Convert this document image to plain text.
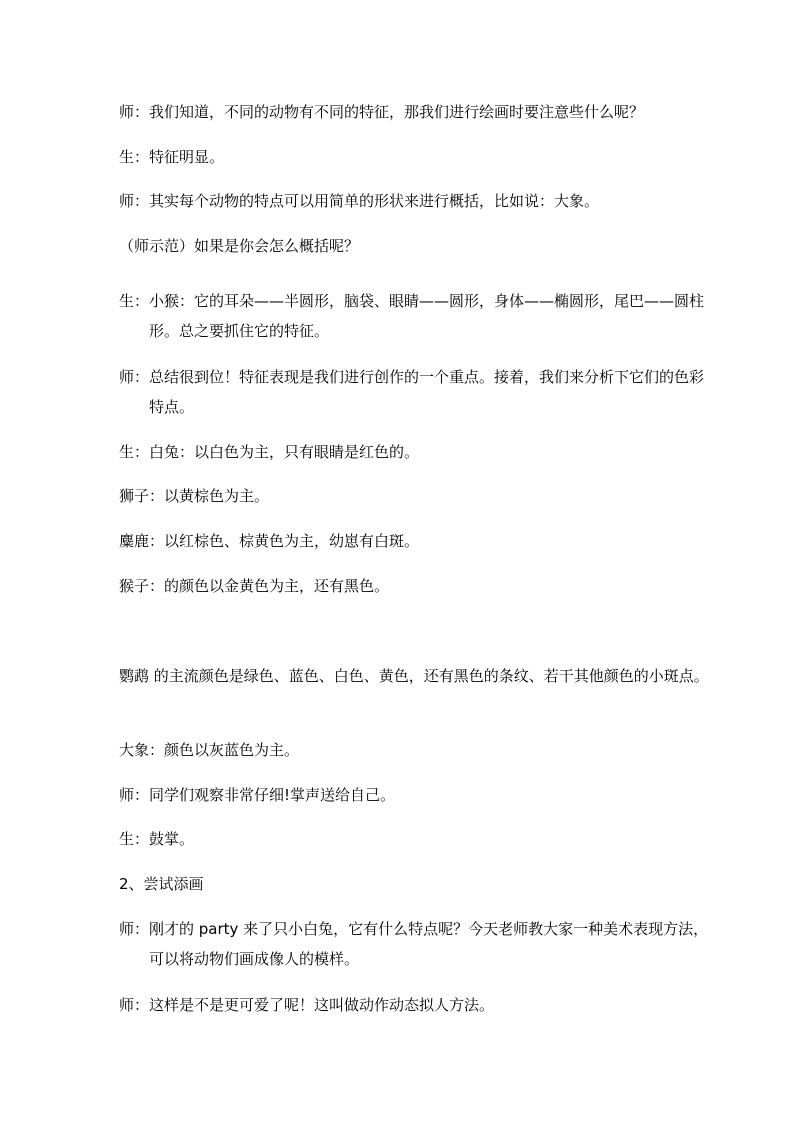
师：我们知道，不同的动物有不同的特征，那我们进行绘画时要注意些什么呢？

生：特征明显。

师：其实每个动物的特点可以用简单的形状来进行概括，比如说：大象。

（师示范）如果是你会怎么概括呢？

生：小猴：它的耳朵——半圆形，脑袋、眼睛——圆形，身体——椭圆形，尾巴——圆柱形。总之要抓住它的特征。

师：总结很到位！特征表现是我们进行创作的一个重点。接着，我们来分析下它们的色彩特点。

生：白兔：以白色为主，只有眼睛是红色的。

狮子：以黄棕色为主。

麋鹿：以红棕色、棕黄色为主，幼崽有白斑。

猴子：的颜色以金黄色为主，还有黑色。

鹦鹉 的主流颜色是绿色、蓝色、白色、黄色，还有黑色的条纹、若干其他颜色的小斑点。

大象：颜色以灰蓝色为主。

师：同学们观察非常仔细!掌声送给自己。

生：鼓掌。

2、尝试添画

师：刚才的 party 来了只小白兔，它有什么特点呢？今天老师教大家一种美术表现方法，可以将动物们画成像人的模样。

师：这样是不是更可爱了呢！这叫做动作动态拟人方法。
